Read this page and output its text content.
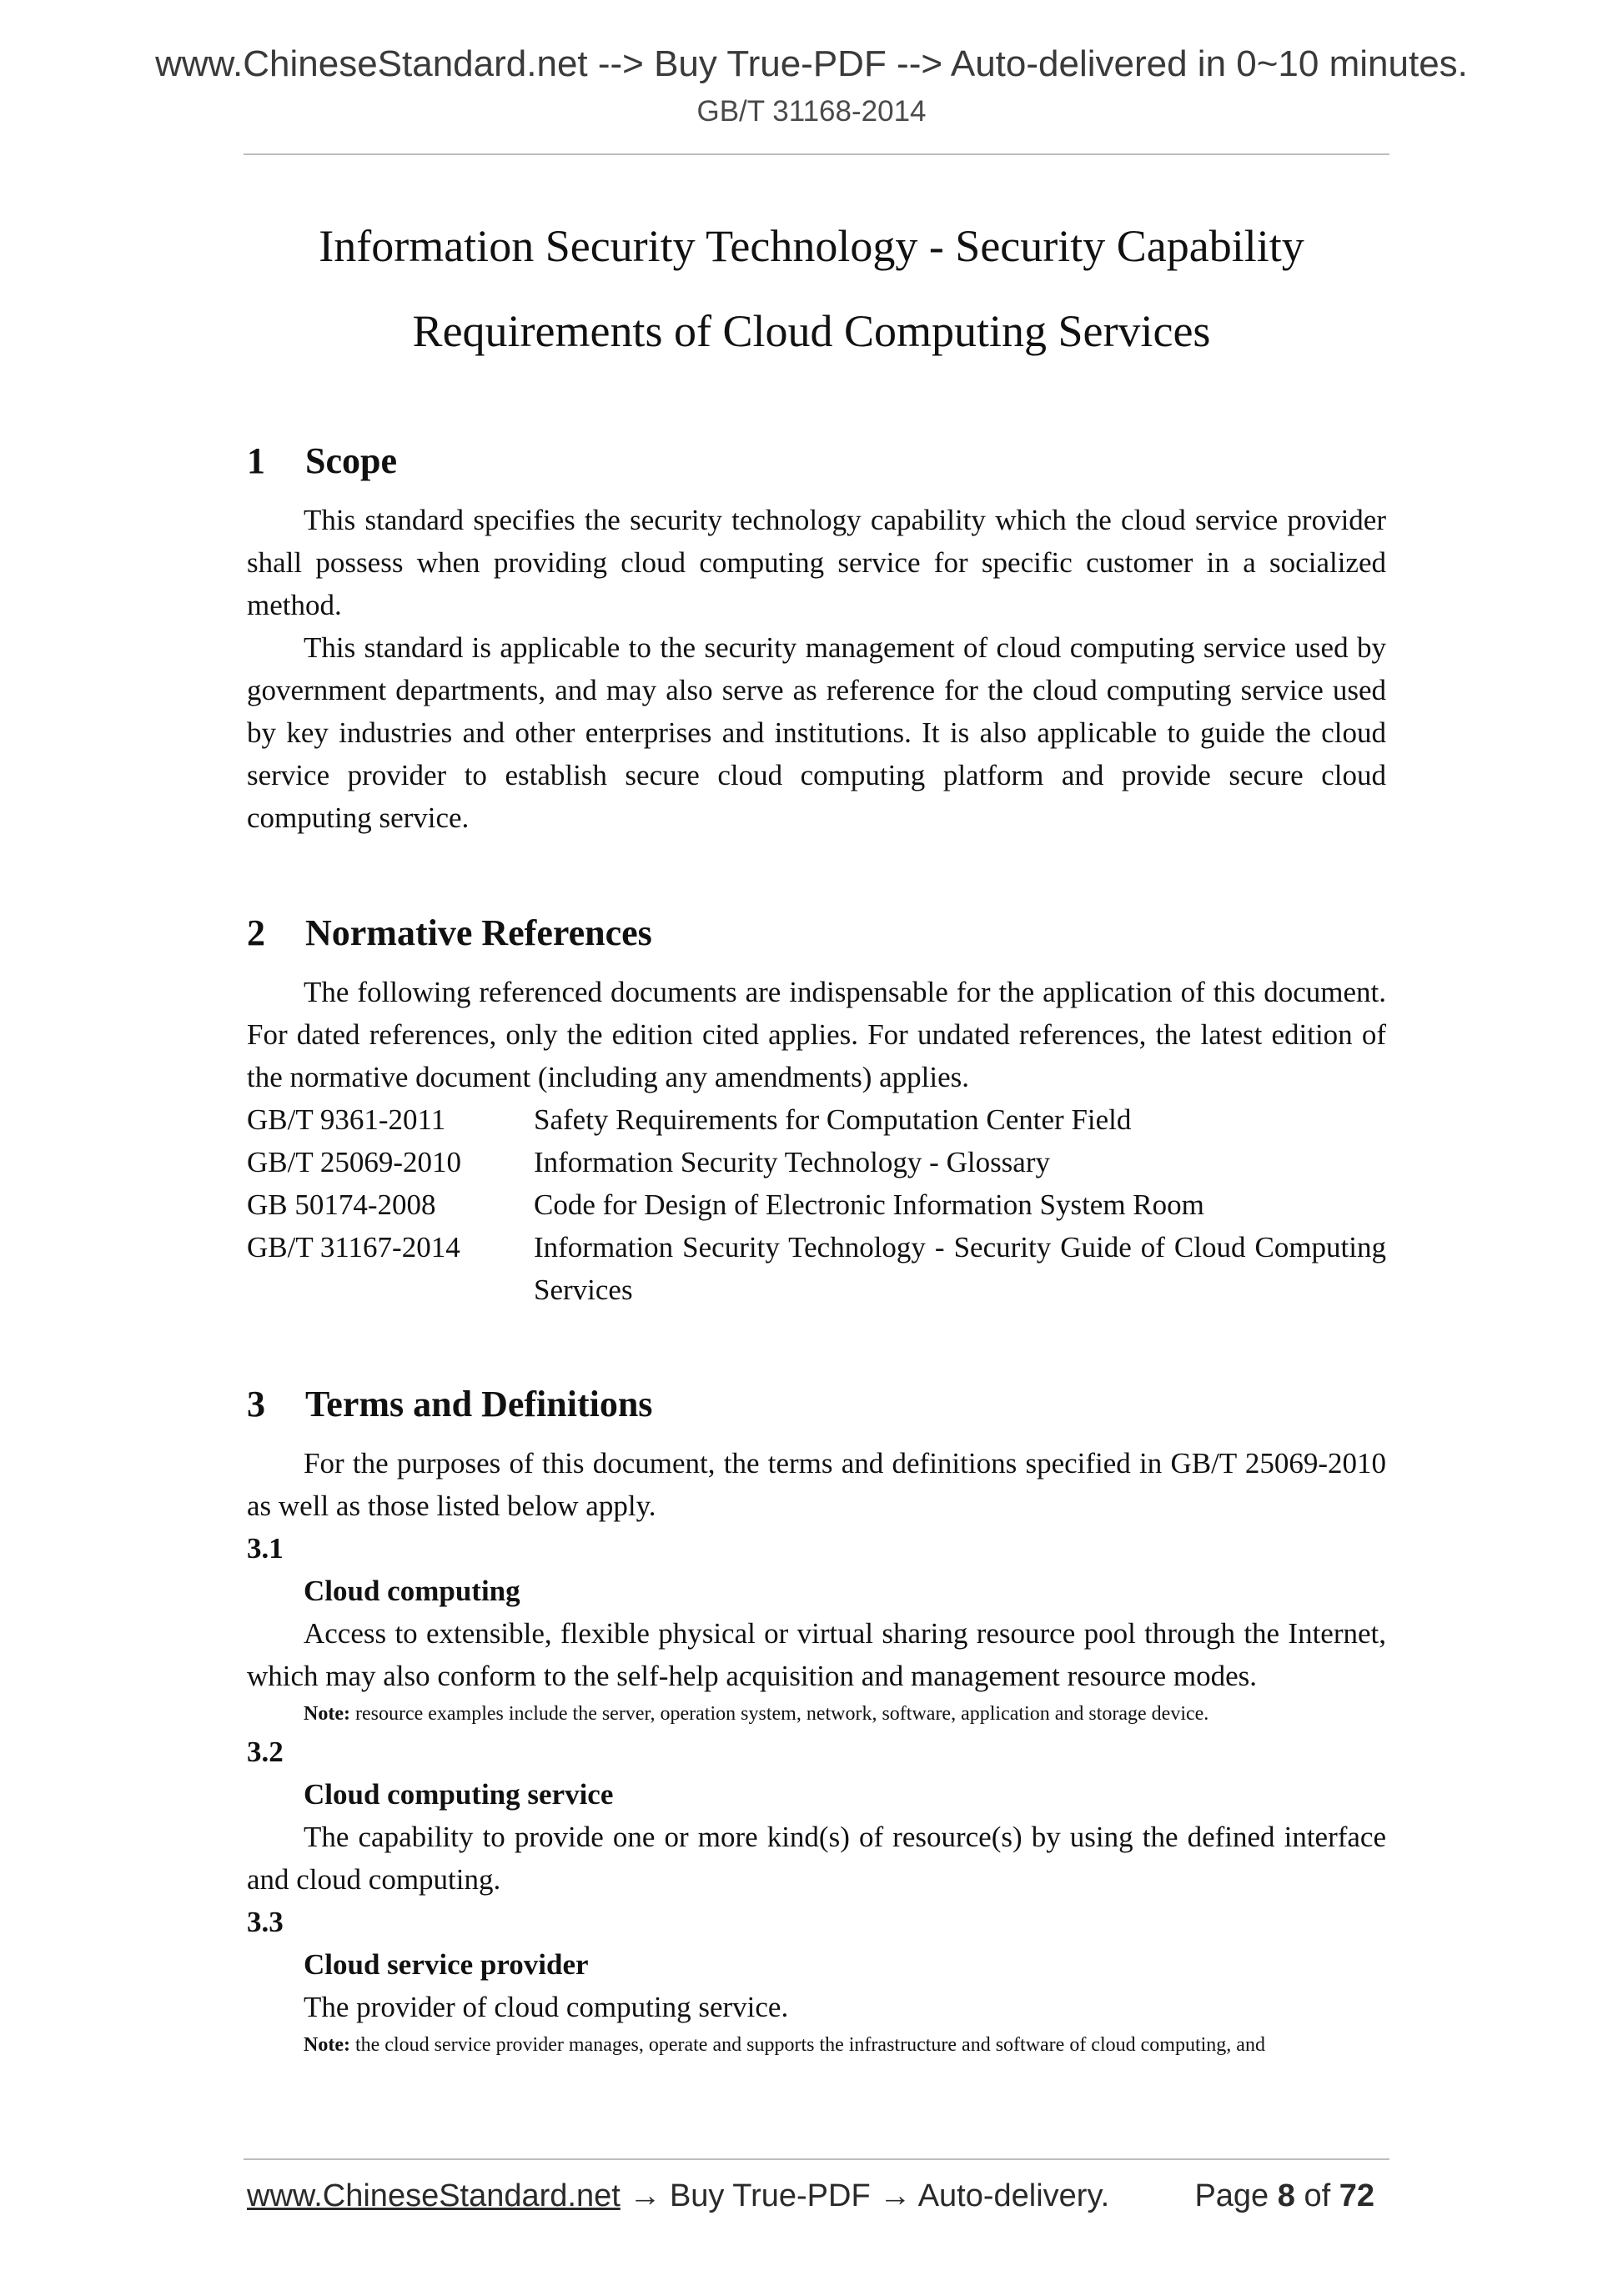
www.ChineseStandard.net --> Buy True-PDF --> Auto-delivered in 0~10 minutes.
GB/T 31168-2014
Information Security Technology - Security Capability
Requirements of Cloud Computing Services
1	Scope

This standard specifies the security technology capability which the cloud service provider shall possess when providing cloud computing service for specific customer in a socialized method.

This standard is applicable to the security management of cloud computing service used by government departments, and may also serve as reference for the cloud computing service used by key industries and other enterprises and institutions. It is also applicable to guide the cloud service provider to establish secure cloud computing platform and provide secure cloud computing service.

2	Normative References

The following referenced documents are indispensable for the application of this document. For dated references, only the edition cited applies. For undated references, the latest edition of the normative document (including any amendments) applies.

GB/T 9361-2011	Safety Requirements for Computation Center Field
GB/T 25069-2010	Information Security Technology - Glossary
GB 50174-2008	Code for Design of Electronic Information System Room
GB/T 31167-2014	Information Security Technology - Security Guide of Cloud Computing Services
3	Terms and Definitions

For the purposes of this document, the terms and definitions specified in GB/T 25069-2010 as well as those listed below apply.

3.1
Cloud computing

Access to extensible, flexible physical or virtual sharing resource pool through the Internet, which may also conform to the self-help acquisition and management resource modes.

Note: resource examples include the server, operation system, network, software, application and storage device.
3.2
Cloud computing service

The capability to provide one or more kind(s) of resource(s) by using the defined interface and cloud computing.

3.3
Cloud service provider

The provider of cloud computing service.

Note: the cloud service provider manages, operate and supports the infrastructure and software of cloud computing, and
www.ChineseStandard.net → Buy True-PDF → Auto-delivery.	Page 8 of 72
